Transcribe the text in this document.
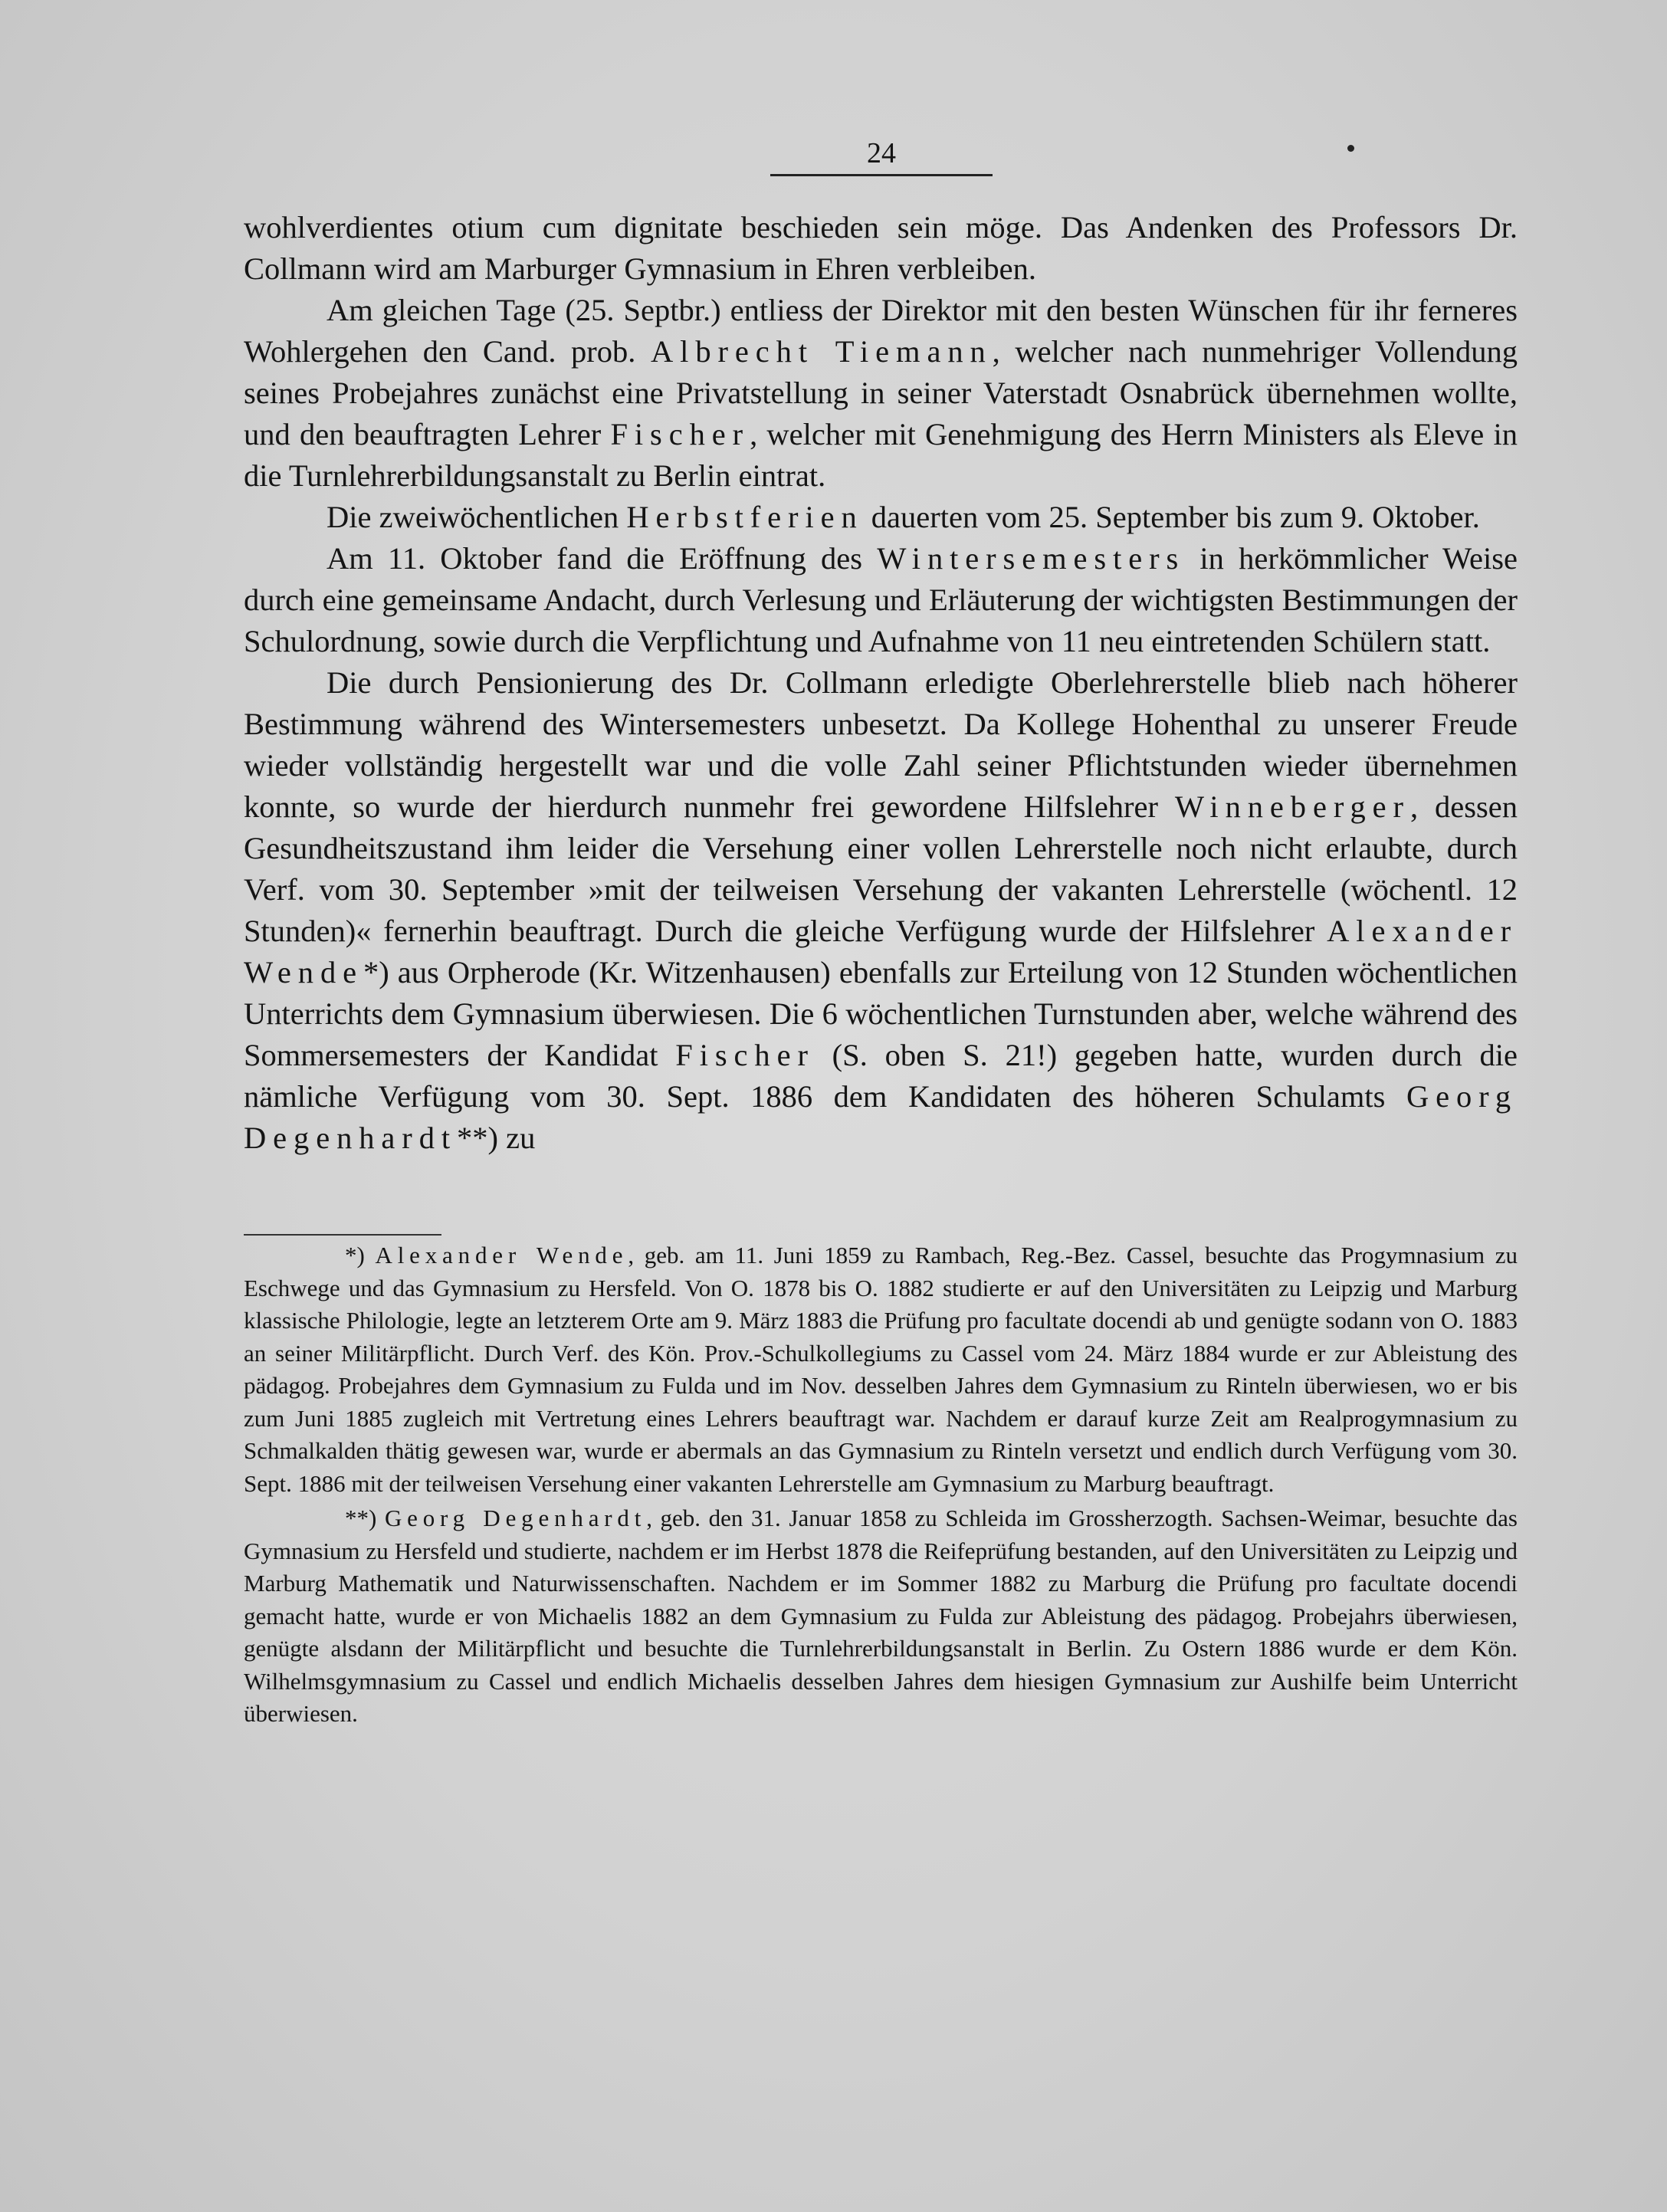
24

wohlverdientes otium cum dignitate beschieden sein möge. Das Andenken des Professors Dr. Collmann wird am Marburger Gymnasium in Ehren verbleiben.

Am gleichen Tage (25. Septbr.) entliess der Direktor mit den besten Wünschen für ihr ferneres Wohlergehen den Cand. prob. Albrecht Tiemann, welcher nach nunmehriger Vollendung seines Probejahres zunächst eine Privatstellung in seiner Vaterstadt Osnabrück übernehmen wollte, und den beauftragten Lehrer Fischer, welcher mit Genehmigung des Herrn Ministers als Eleve in die Turnlehrerbildungsanstalt zu Berlin eintrat.

Die zweiwöchentlichen Herbstferien dauerten vom 25. September bis zum 9. Oktober.

Am 11. Oktober fand die Eröffnung des Wintersemesters in herkömmlicher Weise durch eine gemeinsame Andacht, durch Verlesung und Erläuterung der wichtigsten Bestimmungen der Schulordnung, sowie durch die Verpflichtung und Aufnahme von 11 neu eintretenden Schülern statt.

Die durch Pensionierung des Dr. Collmann erledigte Oberlehrerstelle blieb nach höherer Bestimmung während des Wintersemesters unbesetzt. Da Kollege Hohenthal zu unserer Freude wieder vollständig hergestellt war und die volle Zahl seiner Pflichtstunden wieder übernehmen konnte, so wurde der hierdurch nunmehr frei gewordene Hilfslehrer Winneberger, dessen Gesundheitszustand ihm leider die Versehung einer vollen Lehrerstelle noch nicht erlaubte, durch Verf. vom 30. September »mit der teilweisen Versehung der vakanten Lehrerstelle (wöchentl. 12 Stunden)« fernerhin beauftragt. Durch die gleiche Verfügung wurde der Hilfslehrer Alexander Wende*) aus Orpherode (Kr. Witzenhausen) ebenfalls zur Erteilung von 12 Stunden wöchentlichen Unterrichts dem Gymnasium überwiesen. Die 6 wöchentlichen Turnstunden aber, welche während des Sommersemesters der Kandidat Fischer (S. oben S. 21!) gegeben hatte, wurden durch die nämliche Verfügung vom 30. Sept. 1886 dem Kandidaten des höheren Schulamts Georg Degenhardt**) zu

*) Alexander Wende, geb. am 11. Juni 1859 zu Rambach, Reg.-Bez. Cassel, besuchte das Progymnasium zu Eschwege und das Gymnasium zu Hersfeld. Von O. 1878 bis O. 1882 studierte er auf den Universitäten zu Leipzig und Marburg klassische Philologie, legte an letzterem Orte am 9. März 1883 die Prüfung pro facultate docendi ab und genügte sodann von O. 1883 an seiner Militärpflicht. Durch Verf. des Kön. Prov.-Schulkollegiums zu Cassel vom 24. März 1884 wurde er zur Ableistung des pädagog. Probejahres dem Gymnasium zu Fulda und im Nov. desselben Jahres dem Gymnasium zu Rinteln überwiesen, wo er bis zum Juni 1885 zugleich mit Vertretung eines Lehrers beauftragt war. Nachdem er darauf kurze Zeit am Realprogymnasium zu Schmalkalden thätig gewesen war, wurde er abermals an das Gymnasium zu Rinteln versetzt und endlich durch Verfügung vom 30. Sept. 1886 mit der teilweisen Versehung einer vakanten Lehrerstelle am Gymnasium zu Marburg beauftragt.

**) Georg Degenhardt, geb. den 31. Januar 1858 zu Schleida im Grossherzogth. Sachsen-Weimar, besuchte das Gymnasium zu Hersfeld und studierte, nachdem er im Herbst 1878 die Reifeprüfung bestanden, auf den Universitäten zu Leipzig und Marburg Mathematik und Naturwissenschaften. Nachdem er im Sommer 1882 zu Marburg die Prüfung pro facultate docendi gemacht hatte, wurde er von Michaelis 1882 an dem Gymnasium zu Fulda zur Ableistung des pädagog. Probejahrs überwiesen, genügte alsdann der Militärpflicht und besuchte die Turnlehrerbildungsanstalt in Berlin. Zu Ostern 1886 wurde er dem Kön. Wilhelmsgymnasium zu Cassel und endlich Michaelis desselben Jahres dem hiesigen Gymnasium zur Aushilfe beim Unterricht überwiesen.
